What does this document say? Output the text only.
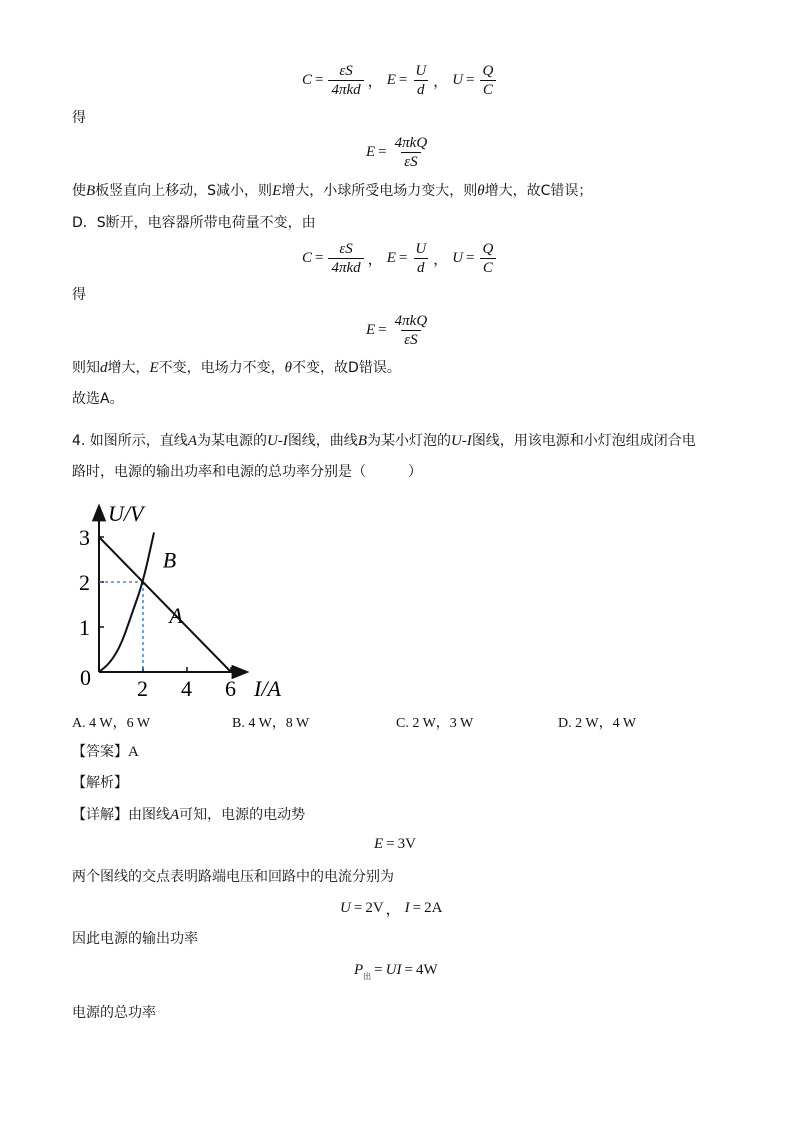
$C = \frac{\varepsilon S}{\text{4πkd}}$ ， $E = \frac{U}{d}$ ， $U = \frac{Q}{C}$
得
$E = \frac{\text{4πkQ}}{\varepsilon S}$
使B板竖直向上移动，S减小，则E增大，小球所受电场力变大，则θ增大，故C错误；
D．S断开，电容器所带电荷量不变，由
$C = \frac{\varepsilon S}{\text{4πkd}}$ ， $E = \frac{U}{d}$ ， $U = \frac{Q}{C}$
得
$E = \frac{\text{4πkQ}}{\varepsilon S}$
则知d增大，E不变，电场力不变，θ不变，故D错误。
故选A。
4. 如图所示，直线A为某电源的U-I图线，曲线B为某小灯泡的U-I图线，用该电源和小灯泡组成闭合电
路时，电源的输出功率和电源的总功率分别是（	）
2 4 6
1
2
3
A
B
0
U/V
I/A
A. 4 W，6 W	B. 4 W，8 W	C. 2 W，3 W	D. 2 W，4 W
【答案】A
【解析】
【详解】由图线A可知，电源的电动势
E = 3V
两个图线的交点表明路端电压和回路中的电流分别为
U = 2V ， I = 2A
因此电源的输出功率
P 出 = UI = 4W
电源的总功率
